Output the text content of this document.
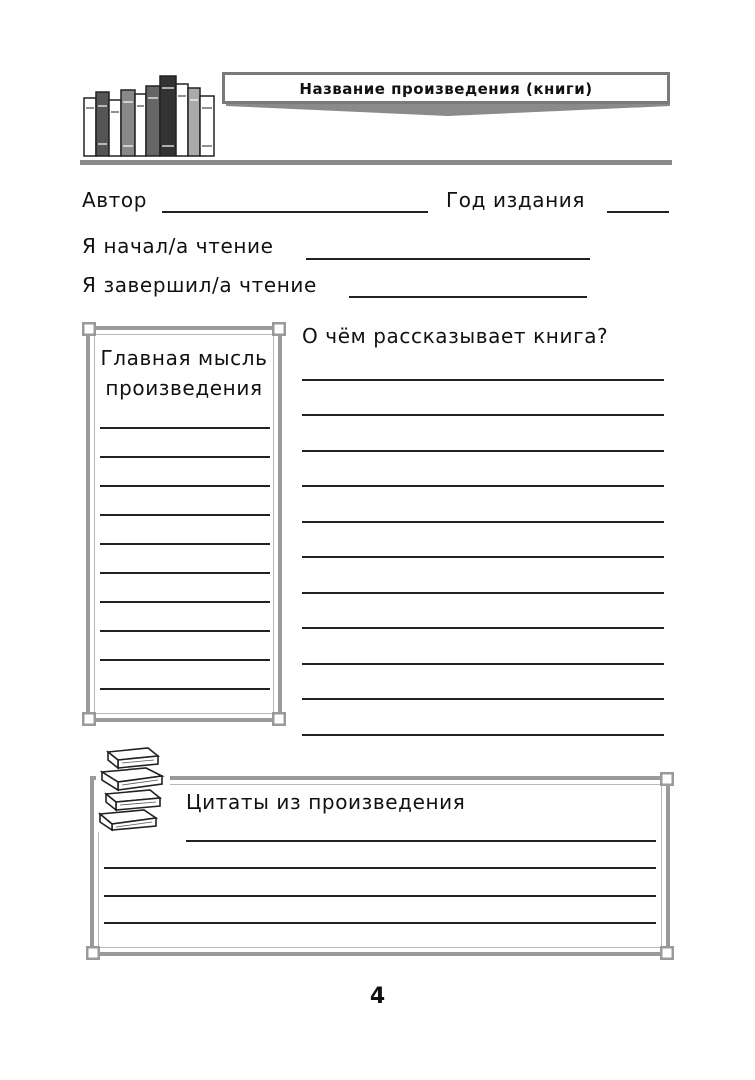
Название произведения (книги)
Автор	Год издания
Я начал/а чтение
Я завершил/а чтение
Главная мысль
произведения
О чём рассказывает книга?
Цитаты из произведения
4
